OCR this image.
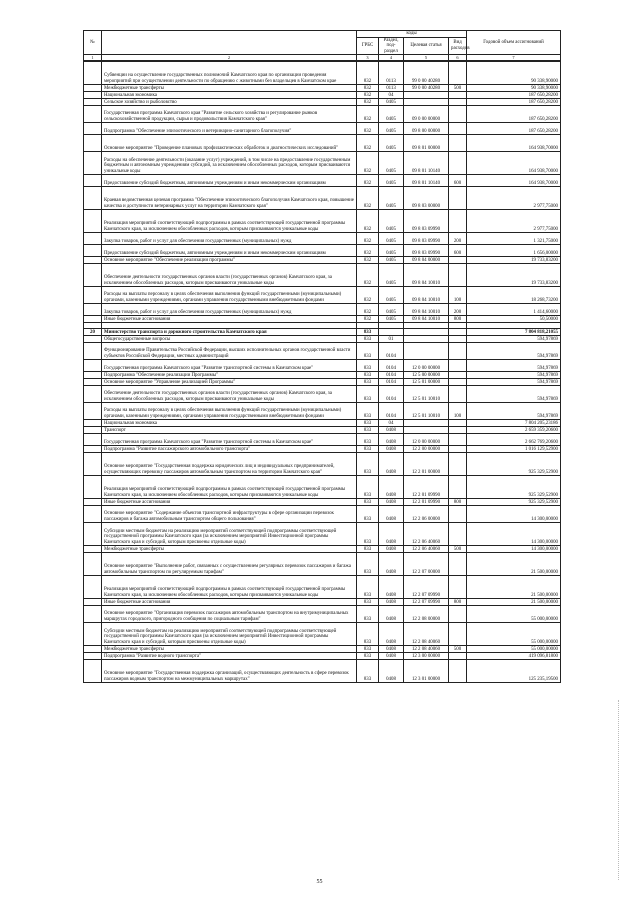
№		коды				Годовой объем ассигнований
		ГРБС	Раздел, под-раздел	Целевая статья	Вид расходов	
1	2	3	4	5	6	7
	Субвенции на осуществление государственных полномочий Камчатского края по организации проведения мероприятий при осуществлении деятельности по обращению с животными без владельцев в Камчатском крае	832	0113	99 0 00 40280		90 338,90000
	Межбюджетные трансферты	832	0113	99 0 00 40280	500	90 338,90000
	Национальная экономика	832	04			187 650,28200
	Сельское хозяйство и рыболовство	832	0405			187 650,28200
	Государственная программа Камчатского края "Развитие сельского хозяйства и регулирование рынков сельскохозяйственной продукции, сырья и продовольствия Камчатского края"	832	0405	09 0 00 00000		187 650,28200
	Подпрограмма "Обеспечение эпизоотического и ветеринарно-санитарного благополучия"	832	0405	09 8 00 00000		187 650,28200
	Основное мероприятие "Проведение плановых профилактических обработок и диагностических исследований"	832	0405	09 8 01 00000		164 938,70000
	Расходы на обеспечение деятельности (оказание услуг) учреждений, в том числе на предоставление государственным бюджетным и автономным учреждениям субсидий, за исключением обособленных расходов, которым присваиваются уникальные коды	832	0405	09 8 01 10140		164 938,70000
	Предоставление субсидий бюджетным, автономным учреждениям и иным некоммерческим организациям	832	0405	09 8 01 10140	600	164 938,70000
	Краевая ведомственная целевая программа "Обеспечение эпизоотического благополучия Камчатского края, повышение качества и доступности ветеринарных услуг на территории Камчатского края"	832	0405	09 8 03 00000		2 977,75000
	Реализация мероприятий соответствующей подпрограммы в рамках соответствующей государственной программы Камчатского края, за исключением обособленных расходов, которым присваиваются уникальные коды	832	0405	09 8 03 09990		2 977,75000
	Закупка товаров, работ и услуг для обеспечения государственных (муниципальных) нужд	832	0405	09 8 03 09990	200	1 321,75000
	Предоставление субсидий бюджетным, автономным учреждениям и иным некоммерческим организациям	832	0405	09 8 03 09990	600	1 656,00000
	Основное мероприятие "Обеспечение реализации программы"	832	0405	09 8 04 00000		19 733,83200
	Обеспечение деятельности государственных органов власти (государственных органов) Камчатского края, за исключением обособленных расходов, которым присваиваются уникальные коды	832	0405	09 8 04 10010		19 733,83200
	Расходы на выплаты персоналу в целях обеспечения выполнения функций государственными (муниципальными) органами, казенными учреждениями, органами управления государственными внебюджетными фондами	832	0405	09 8 04 10010	100	18 268,73200
	Закупка товаров, работ и услуг для обеспечения государственных (муниципальных) нужд	832	0405	09 8 04 10010	200	1 414,60000
	Иные бюджетные ассигнования	832	0405	09 8 04 10010	800	50,50000

20	Министерство транспорта и дорожного строительства Камчатского края	833				7 804 818,21055
	Общегосударственные вопросы	833	01			594,97869
	Функционирование Правительства Российской Федерации, высших исполнительных органов государственной власти субъектов Российской Федерации, местных администраций	833	0104			594,97869
	Государственная программа Камчатского края "Развитие транспортной системы в Камчатском крае"	833	0104	12 0 00 00000		594,97869
	Подпрограмма "Обеспечение реализации Программы"	833	0104	12 5 00 00000		594,97869
	Основное мероприятие "Управление реализацией Программы"	833	0104	12 5 01 00000		594,97869
	Обеспечение деятельности государственных органов власти (государственных органов) Камчатского края, за исключением обособленных расходов, которым присваиваются уникальные коды	833	0104	12 5 01 10010		594,97869
	Расходы на выплаты персоналу в целях обеспечения выполнения функций государственными (муниципальными) органами, казенными учреждениями, органами управления государственными внебюджетными фондами	833	0104	12 5 01 10010	100	594,97869
	Национальная экономика	833	04			7 804 205,23186
	Транспорт	833	0408			2 659 359,20600
	Государственная программа Камчатского края "Развитие транспортной системы в Камчатском крае"	833	0408	12 0 00 00000		2 662 769,20600
	Подпрограмма "Развитие пассажирского автомобильного транспорта"	833	0408	12 2 00 00000		1 016 129,52900
	Основное мероприятие "Государственная поддержка юридических лиц и индивидуальных предпринимателей, осуществляющих перевозку пассажиров автомобильным транспортом на территории Камчатского края"	833	0408	12 2 01 00000		925 329,52900
	Реализация мероприятий соответствующей подпрограммы в рамках соответствующей государственной программы Камчатского края, за исключением обособленных расходов, которым присваиваются уникальные коды	833	0408	12 2 01 09990		925 329,52900
	Иные бюджетные ассигнования	833	0408	12 2 01 09990	800	925 329,52900
	Основное мероприятие "Содержание объектов транспортной инфраструктуры в сфере организации перевозок пассажиров и багажа автомобильным транспортом общего пользования"	833	0408	12 2 06 00000		14 300,00000
	Субсидии местным бюджетам на реализацию мероприятий соответствующей подпрограммы соответствующей государственной программы Камчатского края (за исключением мероприятий Инвестиционной программы Камчатского края и субсидий, которым присвоены отдельные коды)	833	0408	12 2 06 40060		14 300,00000
	Межбюджетные трансферты	833	0408	12 2 06 40060	500	14 300,00000
	Основное мероприятие "Выполнение работ, связанных с осуществлением регулярных перевозок пассажиров и багажа автомобильным транспортом по регулируемым тарифам"	833	0408	12 2 07 00000		21 500,00000
	Реализация мероприятий соответствующей подпрограммы в рамках соответствующей государственной программы Камчатского края, за исключением обособленных расходов, которым присваиваются уникальные коды	833	0408	12 2 07 09990		21 500,00000
	Иные бюджетные ассигнования	833	0408	12 2 07 09990	800	21 500,00000
	Основное мероприятие "Организация перевозок пассажиров автомобильным транспортом на внутримуниципальных маршрутах городского, пригородного сообщения по социальным тарифам"	833	0408	12 2 08 00000		55 000,00000
	Субсидии местным бюджетам на реализацию мероприятий соответствующей подпрограммы соответствующей государственной программы Камчатского края (за исключением мероприятий Инвестиционной программы Камчатского края и субсидий, которым присвоены отдельные коды)	833	0408	12 2 08 40060		55 000,00000
	Межбюджетные трансферты	833	0408	12 2 08 40060	500	55 000,00000
	Подпрограмма "Развитие водного транспорта"	833	0408	12 3 00 00000		419 096,81800
	Основное мероприятие "Государственная поддержка организаций, осуществляющих деятельность в сфере перевозок пассажиров водным транспортом на межмуниципальных маршрутах"	833	0408	12 3 01 00000		125 235,19500
55
